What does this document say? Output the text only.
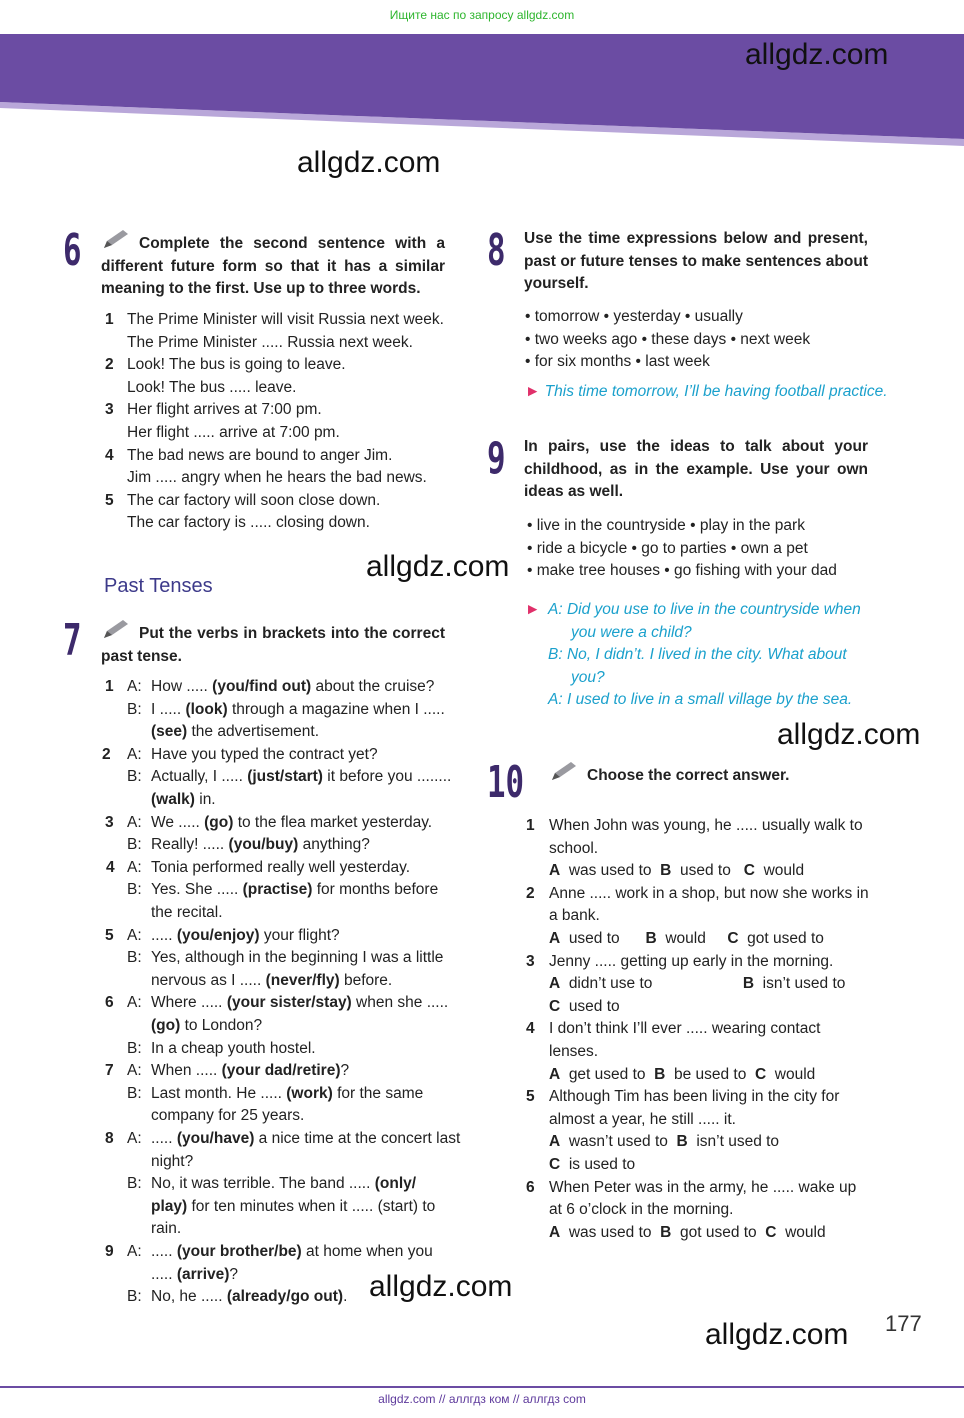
Ищите нас по запросу allgdz.com
allgdz.com
allgdz.com
allgdz.com
allgdz.com
allgdz.com
allgdz.com
6	Complete the second sentence with a different future form so that it has a similar meaning to the first. Use up to three words.
1 The Prime Minister will visit Russia next week.
The Prime Minister ..... Russia next week.
2 Look! The bus is going to leave.
Look! The bus ..... leave.
3 Her flight arrives at 7:00 pm.
Her flight ..... arrive at 7:00 pm.
4 The bad news are bound to anger Jim.
Jim ..... angry when he hears the bad news.
5 The car factory will soon close down.
The car factory is ..... closing down.
Past Tenses
7	Put the verbs in brackets into the correct past tense.
1 A: How ..... (you/find out) about the cruise?
B: I ..... (look) through a magazine when I .....
(see) the advertisement.
2 A: Have you typed the contract yet?
B: Actually, I ..... (just/start) it before you ........
(walk) in.
3 A: We ..... (go) to the flea market yesterday.
B: Really! ..... (you/buy) anything?
4 A: Tonia performed really well yesterday.
B: Yes. She ..... (practise) for months before
the recital.
5 A: ..... (you/enjoy) your flight?
B: Yes, although in the beginning I was a little
nervous as I ..... (never/fly) before.
6 A: Where ..... (your sister/stay) when she .....
(go) to London?
B: In a cheap youth hostel.
7 A: When ..... (your dad/retire)?
B: Last month. He ..... (work) for the same
company for 25 years.
8 A: ..... (you/have) a nice time at the concert last
night?
B: No, it was terrible. The band ..... (only/
play) for ten minutes when it ..... (start) to
rain.
9 A: ..... (your brother/be) at home when you
..... (arrive)?
B: No, he ..... (already/go out).
8 Use the time expressions below and present, past or future tenses to make sentences about yourself.
• tomorrow • yesterday • usually
• two weeks ago • these days • next week
• for six months • last week
► This time tomorrow, I’ll be having football practice.
9 In pairs, use the ideas to talk about your childhood, as in the example. Use your own ideas as well.
• live in the countryside • play in the park
• ride a bicycle • go to parties • own a pet
• make tree houses • go fishing with your dad
► A: Did you use to live in the countryside when
you were a child?
B: No, I didn’t. I lived in the city. What about
you?
A: I used to live in a small village by the sea.
10	Choose the correct answer.
1 When John was young, he ..... usually walk to
school.
A  was used to  B  used to   C  would
2 Anne ..... work in a shop, but now she works in
a bank.
A  used to      B  would     C  got used to
3 Jenny ..... getting up early in the morning.
A  didn’t use to                     B  isn’t used to
C  used to
4 I don’t think I’ll ever ..... wearing contact
lenses.
A  get used to  B  be used to  C  would
5 Although Tim has been living in the city for
almost a year, he still ..... it.
A  wasn’t used to  B  isn’t used to
C  is used to
6 When Peter was in the army, he ..... wake up
at 6 o’clock in the morning.
A  was used to  B  got used to  C  would
177
allgdz.com // аллгдз ком // аллгдз com
